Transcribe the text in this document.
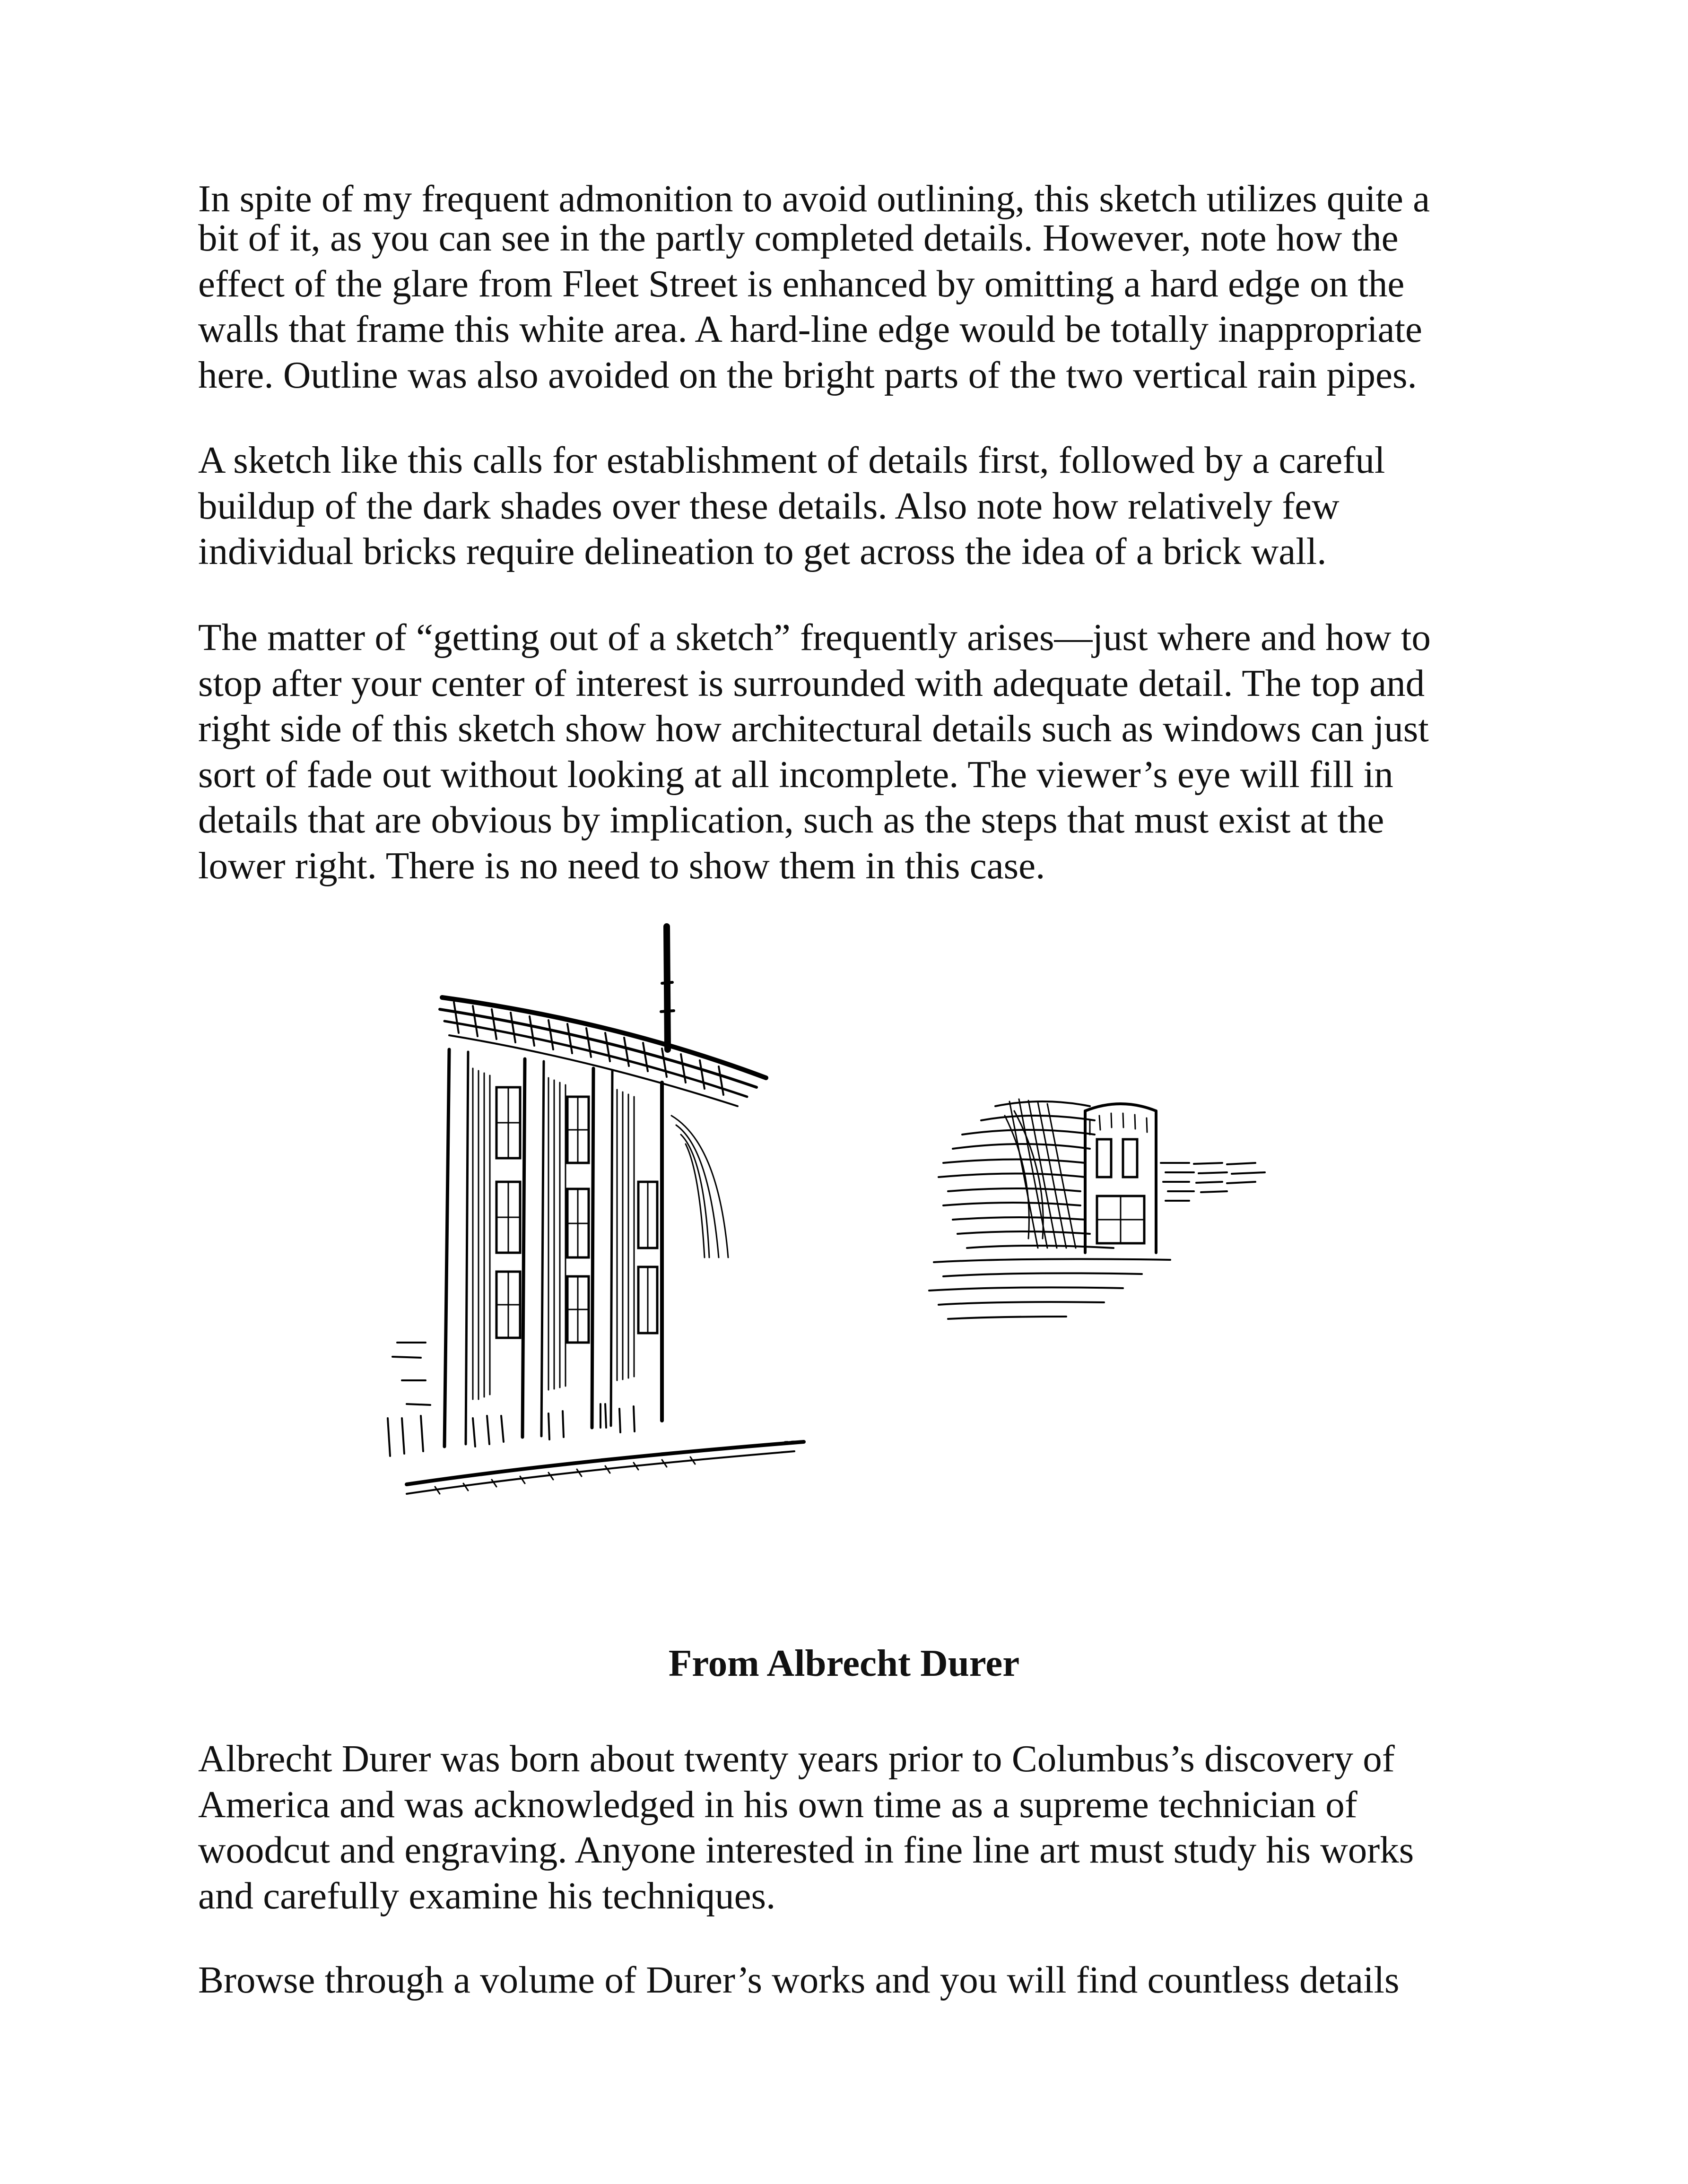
In spite of my frequent admonition to avoid outlining, this sketch utilizes quite a
bit of it, as you can see in the partly completed details. However, note how the
effect of the glare from Fleet Street is enhanced by omitting a hard edge on the
walls that frame this white area. A hard-line edge would be totally inappropriate
here. Outline was also avoided on the bright parts of the two vertical rain pipes.
A sketch like this calls for establishment of details first, followed by a careful
buildup of the dark shades over these details. Also note how relatively few
individual bricks require delineation to get across the idea of a brick wall.
The matter of “getting out of a sketch” frequently arises—just where and how to
stop after your center of interest is surrounded with adequate detail. The top and
right side of this sketch show how architectural details such as windows can just
sort of fade out without looking at all incomplete. The viewer’s eye will fill in
details that are obvious by implication, such as the steps that must exist at the
lower right. There is no need to show them in this case.
From Albrecht Durer
Albrecht Durer was born about twenty years prior to Columbus’s discovery of
America and was acknowledged in his own time as a supreme technician of
woodcut and engraving. Anyone interested in fine line art must study his works
and carefully examine his techniques.
Browse through a volume of Durer’s works and you will find countless details
